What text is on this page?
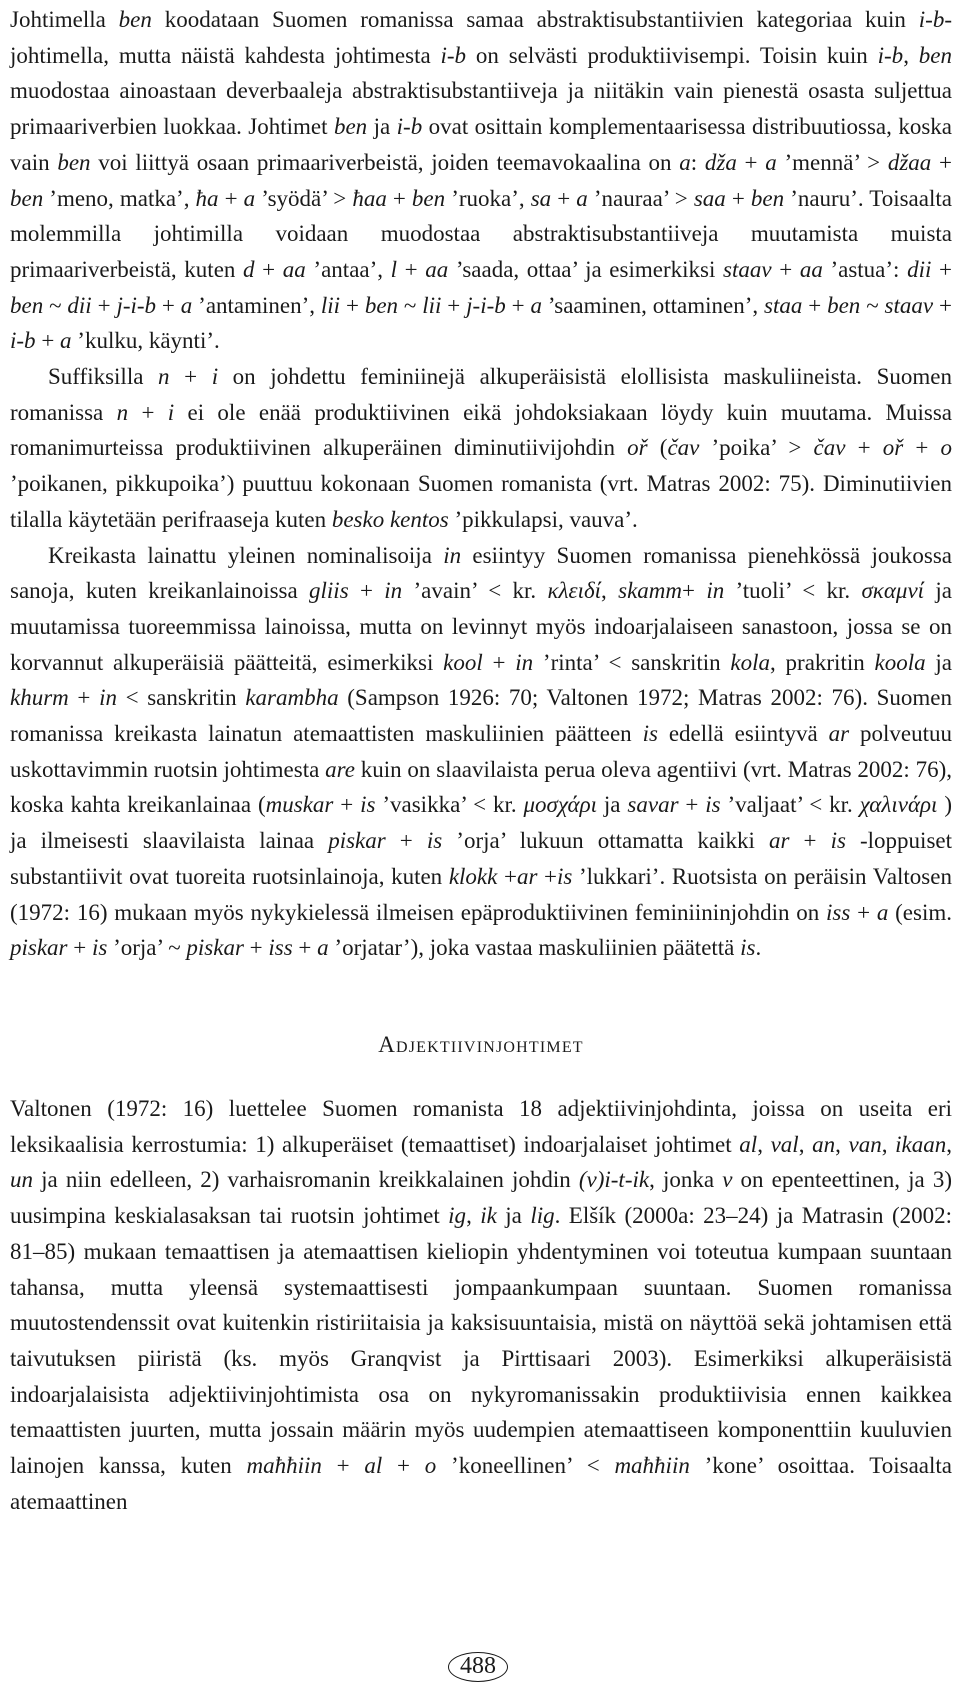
Johtimella ben koodataan Suomen romanissa samaa abstraktisubstantiivien kategoriaa kuin i-b-johtimella, mutta näistä kahdesta johtimesta i-b on selvästi produktiivisempi. Toisin kuin i-b, ben muodostaa ainoastaan deverbaaleja abstraktisubstantiiveja ja niitäkin vain pienestä osasta suljettua primaariverbien luokkaa. Johtimet ben ja i-b ovat osittain komplementaarisessa distribuutiossa, koska vain ben voi liittyä osaan primaariverbeistä, joiden teemavokaalina on a: dža + a ’mennä’ > džaa + ben ’meno, matka’, ħa + a ’syödä’ > ħaa + ben ’ruoka’, sa + a ’nauraa’ > saa + ben ’nauru’. Toisaalta molemmilla johtimilla voidaan muodostaa abstraktisubstantiiveja muutamista muista primaariverbeistä, kuten d + aa ’antaa’, l + aa ’saada, ottaa’ ja esimerkiksi staav + aa ’astua’: dii + ben ~ dii + j-i-b + a ’antaminen’, lii + ben ~ lii + j-i-b + a ’saaminen, ottaminen’, staa + ben ~ staav + i-b + a ’kulku, käynti’.

Suffiksilla n + i on johdettu feminiinejä alkuperäisistä elollisista maskuliineista. Suomen romanissa n + i ei ole enää produktiivinen eikä johdoksiakaan löydy kuin muutama. Muissa romanimurteissa produktiivinen alkuperäinen diminutiivijohdin oř (čav ’poika’ > čav + oř + o ’poikanen, pikkupoika’) puuttuu kokonaan Suomen romanista (vrt. Matras 2002: 75). Diminutiivien tilalla käytetään perifraaseja kuten besko kentos ’pikkulapsi, vauva’.

Kreikasta lainattu yleinen nominalisoija in esiintyy Suomen romanissa pienehkössä joukossa sanoja, kuten kreikanlainoissa gliis + in ’avain’ < kr. κλειδί, skamm+ in ’tuoli’ < kr. σκαμνί ja muutamissa tuoreemmissa lainoissa, mutta on levinnyt myös indoarjalaiseen sanastoon, jossa se on korvannut alkuperäisiä päätteitä, esimerkiksi kool + in ’rinta’ < sanskritin kola, prakritin koola ja khurm + in < sanskritin karambha (Sampson 1926: 70; Valtonen 1972; Matras 2002: 76). Suomen romanissa kreikasta lainatun atemaattisten maskuliinien päätteen is edellä esiintyvä ar polveutuu uskottavimmin ruotsin johtimesta are kuin on slaavilaista perua oleva agentiivi (vrt. Matras 2002: 76), koska kahta kreikanlainaa (muskar + is ’vasikka’ < kr. μοσχάρι ja savar + is ’valjaat’ < kr. χαλινάρι ) ja ilmeisesti slaavilaista lainaa piskar + is ’orja’ lukuun ottamatta kaikki ar + is -loppuiset substantiivit ovat tuoreita ruotsinlainoja, kuten klokk +ar +is ’lukkari’. Ruotsista on peräisin Valtosen (1972: 16) mukaan myös nykykielessä ilmeisen epäproduktiivinen feminiininjohdin on iss + a (esim. piskar + is ’orja’ ~ piskar + iss + a ’orjatar’), joka vastaa maskuliinien päätettä is.

Adjektiivinjohtimet

Valtonen (1972: 16) luettelee Suomen romanista 18 adjektiivinjohdinta, joissa on useita eri leksikaalisia kerrostumia: 1) alkuperäiset (temaattiset) indoarjalaiset johtimet al, val, an, van, ikaan, un ja niin edelleen, 2) varhaisromanin kreikkalainen johdin (v)i-t-ik, jonka v on epenteettinen, ja 3) uusimpina keskialasaksan tai ruotsin johtimet ig, ik ja lig. Elšík (2000a: 23–24) ja Matrasin (2002: 81–85) mukaan temaattisen ja atemaattisen kieliopin yhdentyminen voi toteutua kumpaan suuntaan tahansa, mutta yleensä systemaattisesti jompaankumpaan suuntaan. Suomen romanissa muutostendenssit ovat kuitenkin ristiriitaisia ja kaksisuuntaisia, mistä on näyttöä sekä johtamisen että taivutuksen piiristä (ks. myös Granqvist ja Pirttisaari 2003). Esimerkiksi alkuperäisistä indoarjalaisista adjektiivinjohtimista osa on nykyromanissakin produktiivisia ennen kaikkea temaattisten juurten, mutta jossain määrin myös uudempien atemaattiseen komponenttiin kuuluvien lainojen kanssa, kuten maħħiin + al + o ’koneellinen’ < maħħiin ’kone’ osoittaa. Toisaalta atemaattinen

488
